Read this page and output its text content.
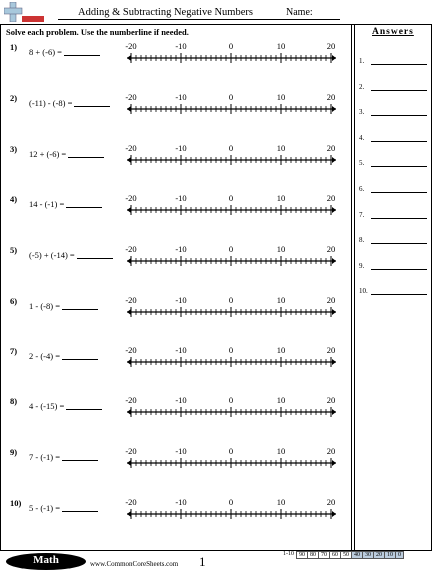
Adding & Subtracting Negative Numbers	Name:
Solve each problem. Use the numberline if needed.	Answers
1) 8 + (-6) =
-20	-10	0	10	20
2) (-11) - (-8) =
-20	-10	0	10	20
3) 12 + (-6) =
-20	-10	0	10	20
4) 14 - (-1) =
-20	-10	0	10	20
5) (-5) + (-14) =
-20	-10	0	10	20
6) 1 - (-8) =
-20	-10	0	10	20
7) 2 - (-4) =
-20	-10	0	10	20
8) 4 - (-15) =
-20	-10	0	10	20
9) 7 - (-1) =
-20	-10	0	10	20
10) 5 - (-1) =
-20	-10	0	10	20
1.
2.
3.
4.
5.
6.
7.
8.
9.
10.
Math	www.CommonCoreSheets.com 1	1-10 90 80 70 60 50 40 30 20 10 0
